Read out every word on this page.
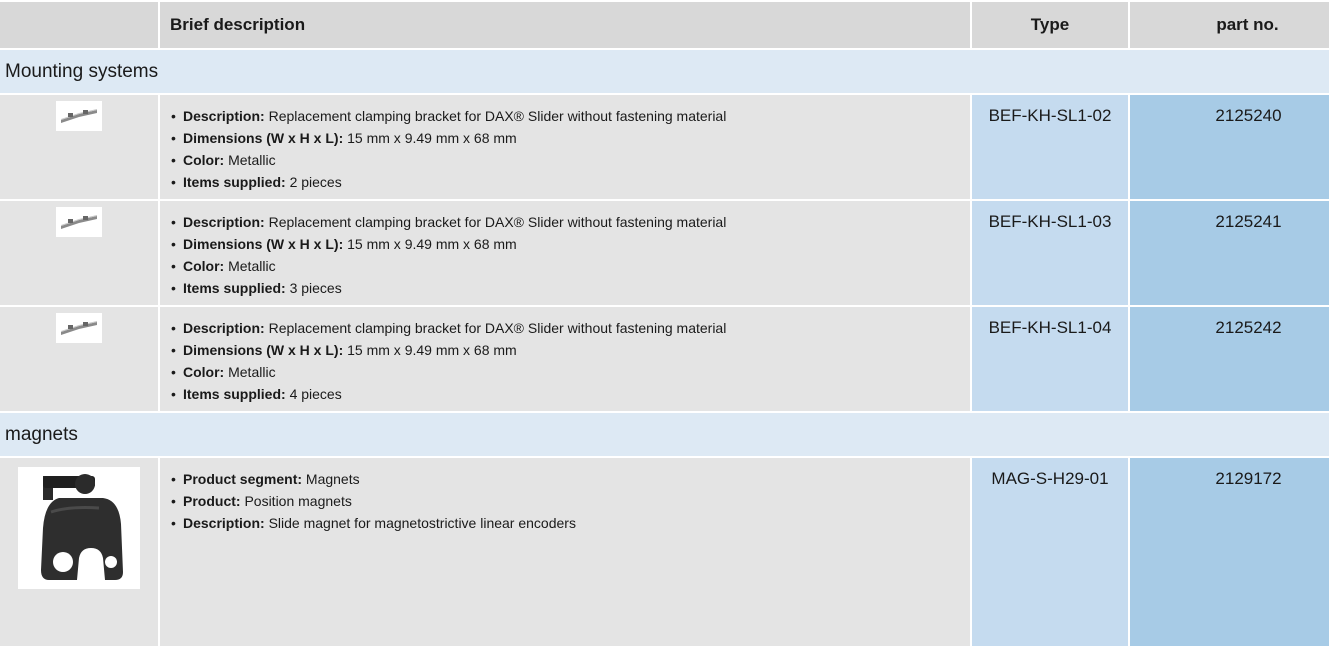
Brief description	Type	part no.
Mounting systems
• Description: Replacement clamping bracket for DAX® Slider without fastening material
• Dimensions (W x H x L): 15 mm x 9.49 mm x 68 mm
• Color: Metallic
• Items supplied: 2 pieces
BEF-KH-SL1-02	2125240
• Description: Replacement clamping bracket for DAX® Slider without fastening material
• Dimensions (W x H x L): 15 mm x 9.49 mm x 68 mm
• Color: Metallic
• Items supplied: 3 pieces
BEF-KH-SL1-03	2125241
• Description: Replacement clamping bracket for DAX® Slider without fastening material
• Dimensions (W x H x L): 15 mm x 9.49 mm x 68 mm
• Color: Metallic
• Items supplied: 4 pieces
BEF-KH-SL1-04	2125242
magnets
• Product segment: Magnets
• Product: Position magnets
• Description: Slide magnet for magnetostrictive linear encoders
MAG-S-H29-01	2129172
